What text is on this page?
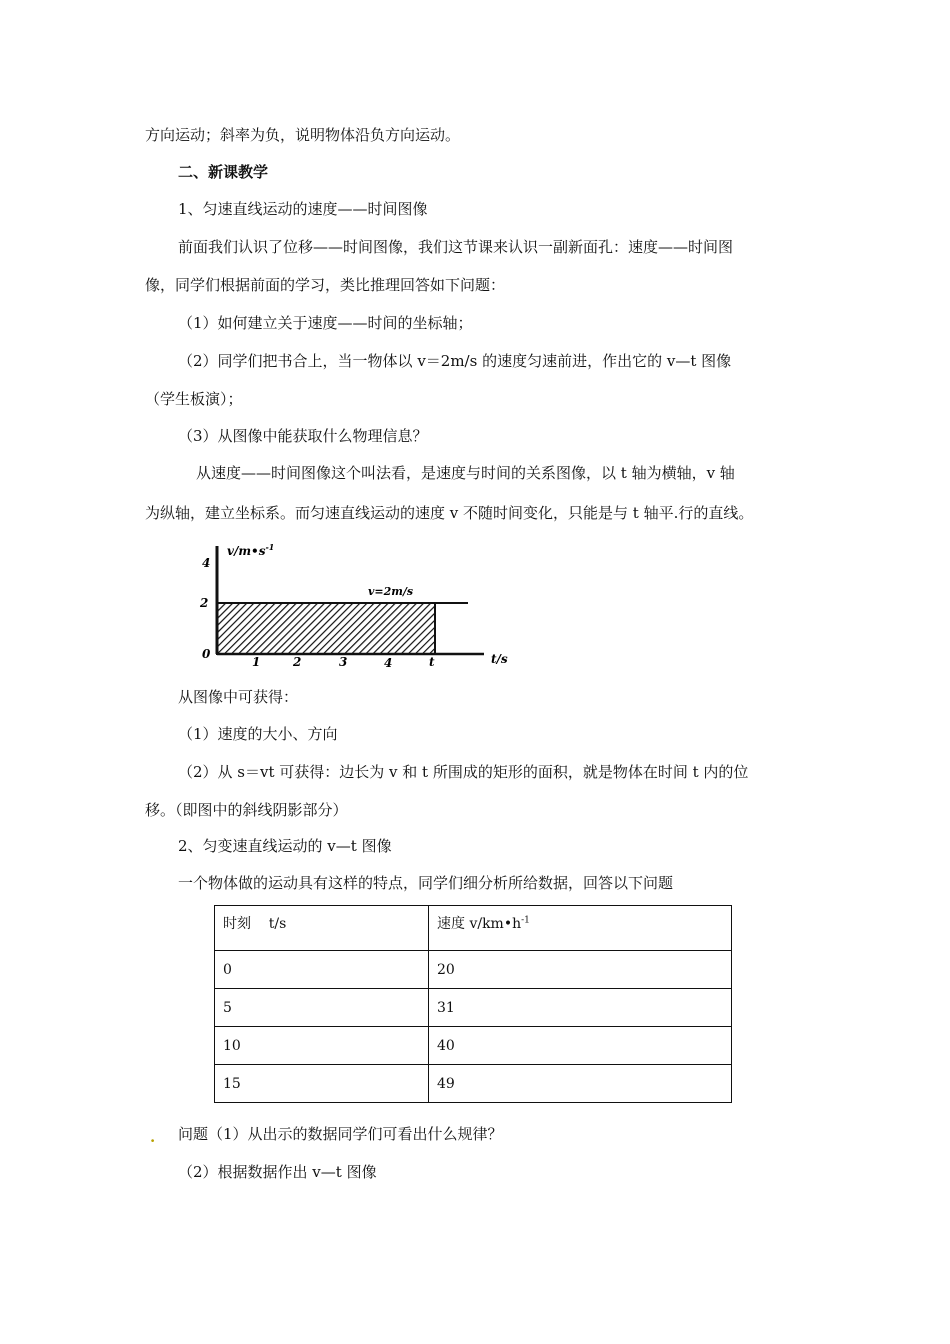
方向运动；斜率为负，说明物体沿负方向运动。
二、新课教学
1、匀速直线运动的速度——时间图像
前面我们认识了位移——时间图像，我们这节课来认识一副新面孔：速度——时间图
像，同学们根据前面的学习，类比推理回答如下问题：
（1）如何建立关于速度——时间的坐标轴；
（2）同学们把书合上，当一物体以 v＝2m/s 的速度匀速前进，作出它的 v—t 图像
（学生板演）；
（3）从图像中能获取什么物理信息？
从速度——时间图像这个叫法看，是速度与时间的关系图像，以 t 轴为横轴，v 轴
为纵轴，建立坐标系。而匀速直线运动的速度 v 不随时间变化，只能是与 t 轴平.行的直线。
$v/m•s^{-1}$
v=2m/s
4
2
0
1	2	3	4	t	t/s
从图像中可获得：
（1）速度的大小、方向
（2）从 s＝vt 可获得：边长为 v 和 t 所围成的矩形的面积，就是物体在时间 t 内的位
移。（即图中的斜线阴影部分）
2、匀变速直线运动的 v—t 图像
一个物体做的运动具有这样的特点，同学们细分析所给数据，回答以下问题
时刻    t/s	速度 $v/km•h^{-1}$
0	20
5	31
10	40
15	49
. 问题（1）从出示的数据同学们可看出什么规律？
（2）根据数据作出 v—t 图像
